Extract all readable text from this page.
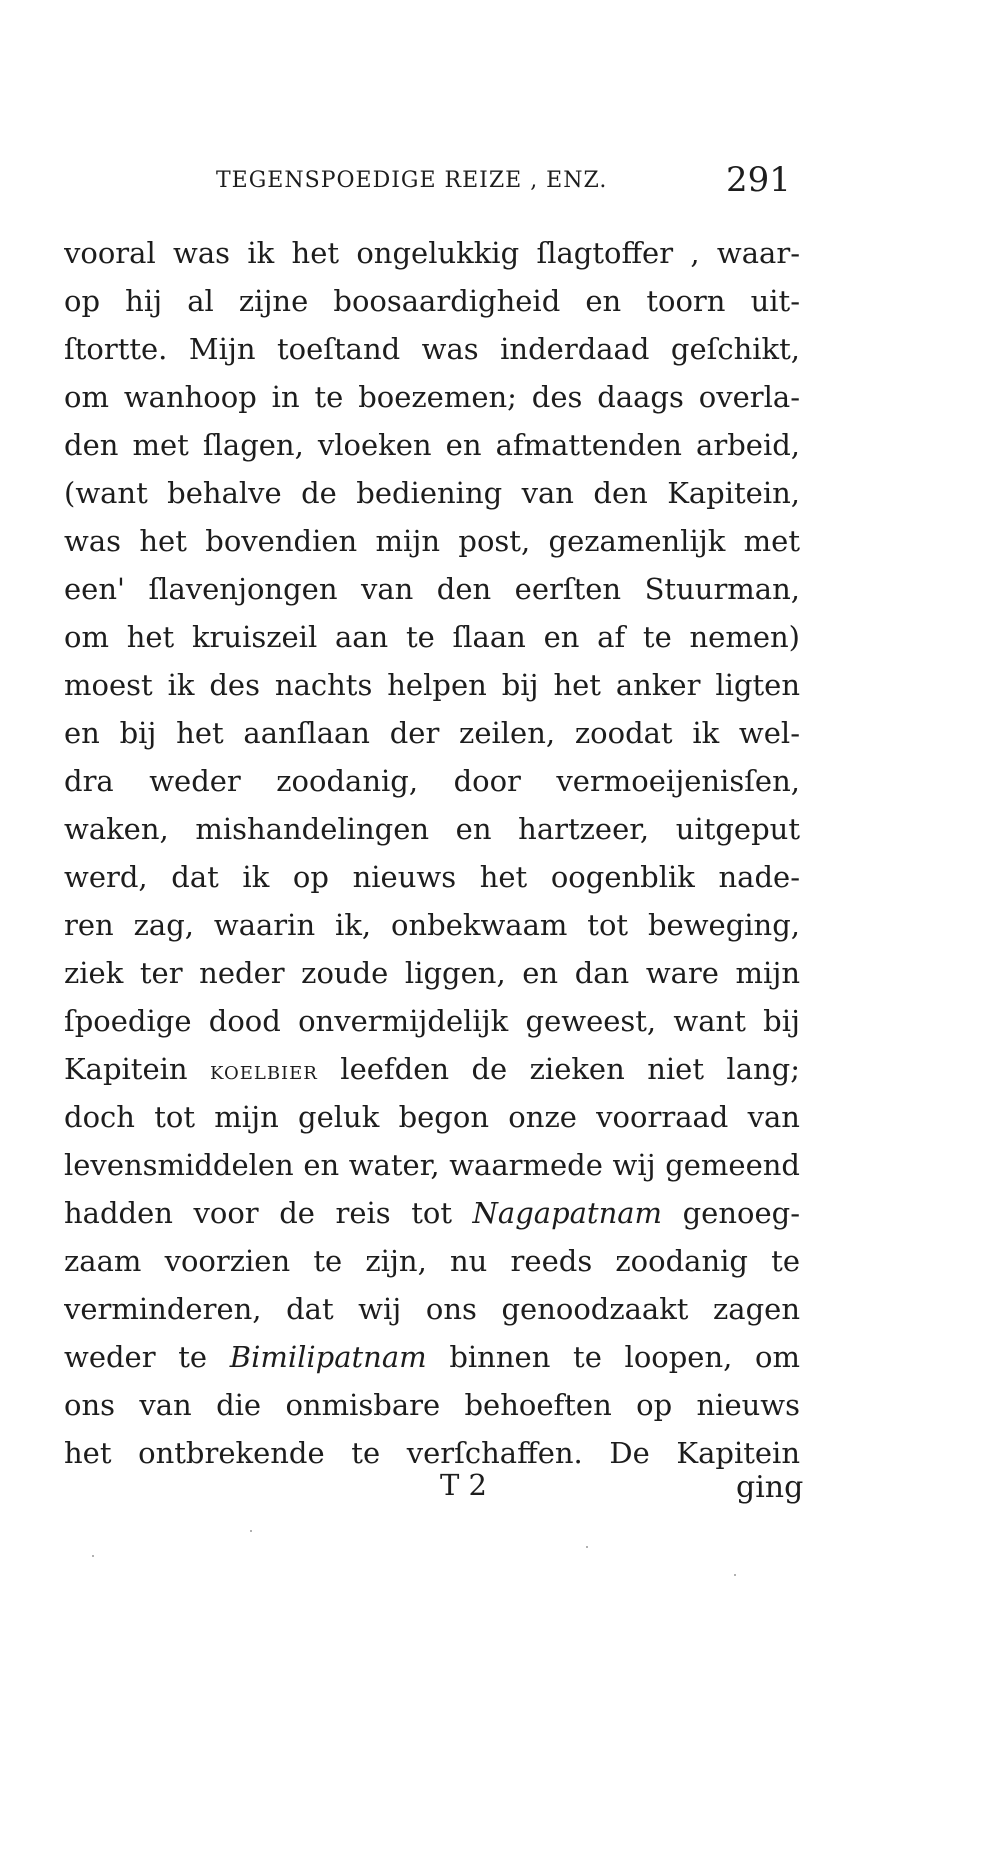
TEGENSPOEDIGE REIZE , ENZ.	291
vooral was ik het ongelukkig ſlagtoffer , waar-
op hij al zijne boosaardigheid en toorn uit-
ſtortte. Mijn toeſtand was inderdaad geſchikt,
om wanhoop in te boezemen; des daags overla-
den met ſlagen, vloeken en afmattenden arbeid,
(want behalve de bediening van den Kapitein,
was het bovendien mijn post, gezamenlijk met
een' ſlavenjongen van den eerſten Stuurman,
om het kruiszeil aan te ſlaan en af te nemen)
moest ik des nachts helpen bij het anker ligten
en bij het aanſlaan der zeilen, zoodat ik wel-
dra weder zoodanig, door vermoeijenisſen,
waken, mishandelingen en hartzeer, uitgeput
werd, dat ik op nieuws het oogenblik nade-
ren zag, waarin ik, onbekwaam tot beweging,
ziek ter neder zoude liggen, en dan ware mijn
ſpoedige dood onvermijdelijk geweest, want bij
Kapitein koelbier leefden de zieken niet lang;
doch tot mijn geluk begon onze voorraad van
levensmiddelen en water, waarmede wij gemeend
hadden voor de reis tot Nagapatnam genoeg-
zaam voorzien te zijn, nu reeds zoodanig te
verminderen, dat wij ons genoodzaakt zagen
weder te Bimilipatnam binnen te loopen, om
ons van die onmisbare behoeften op nieuws
het ontbrekende te verſchaffen. De Kapitein
T 2	ging
